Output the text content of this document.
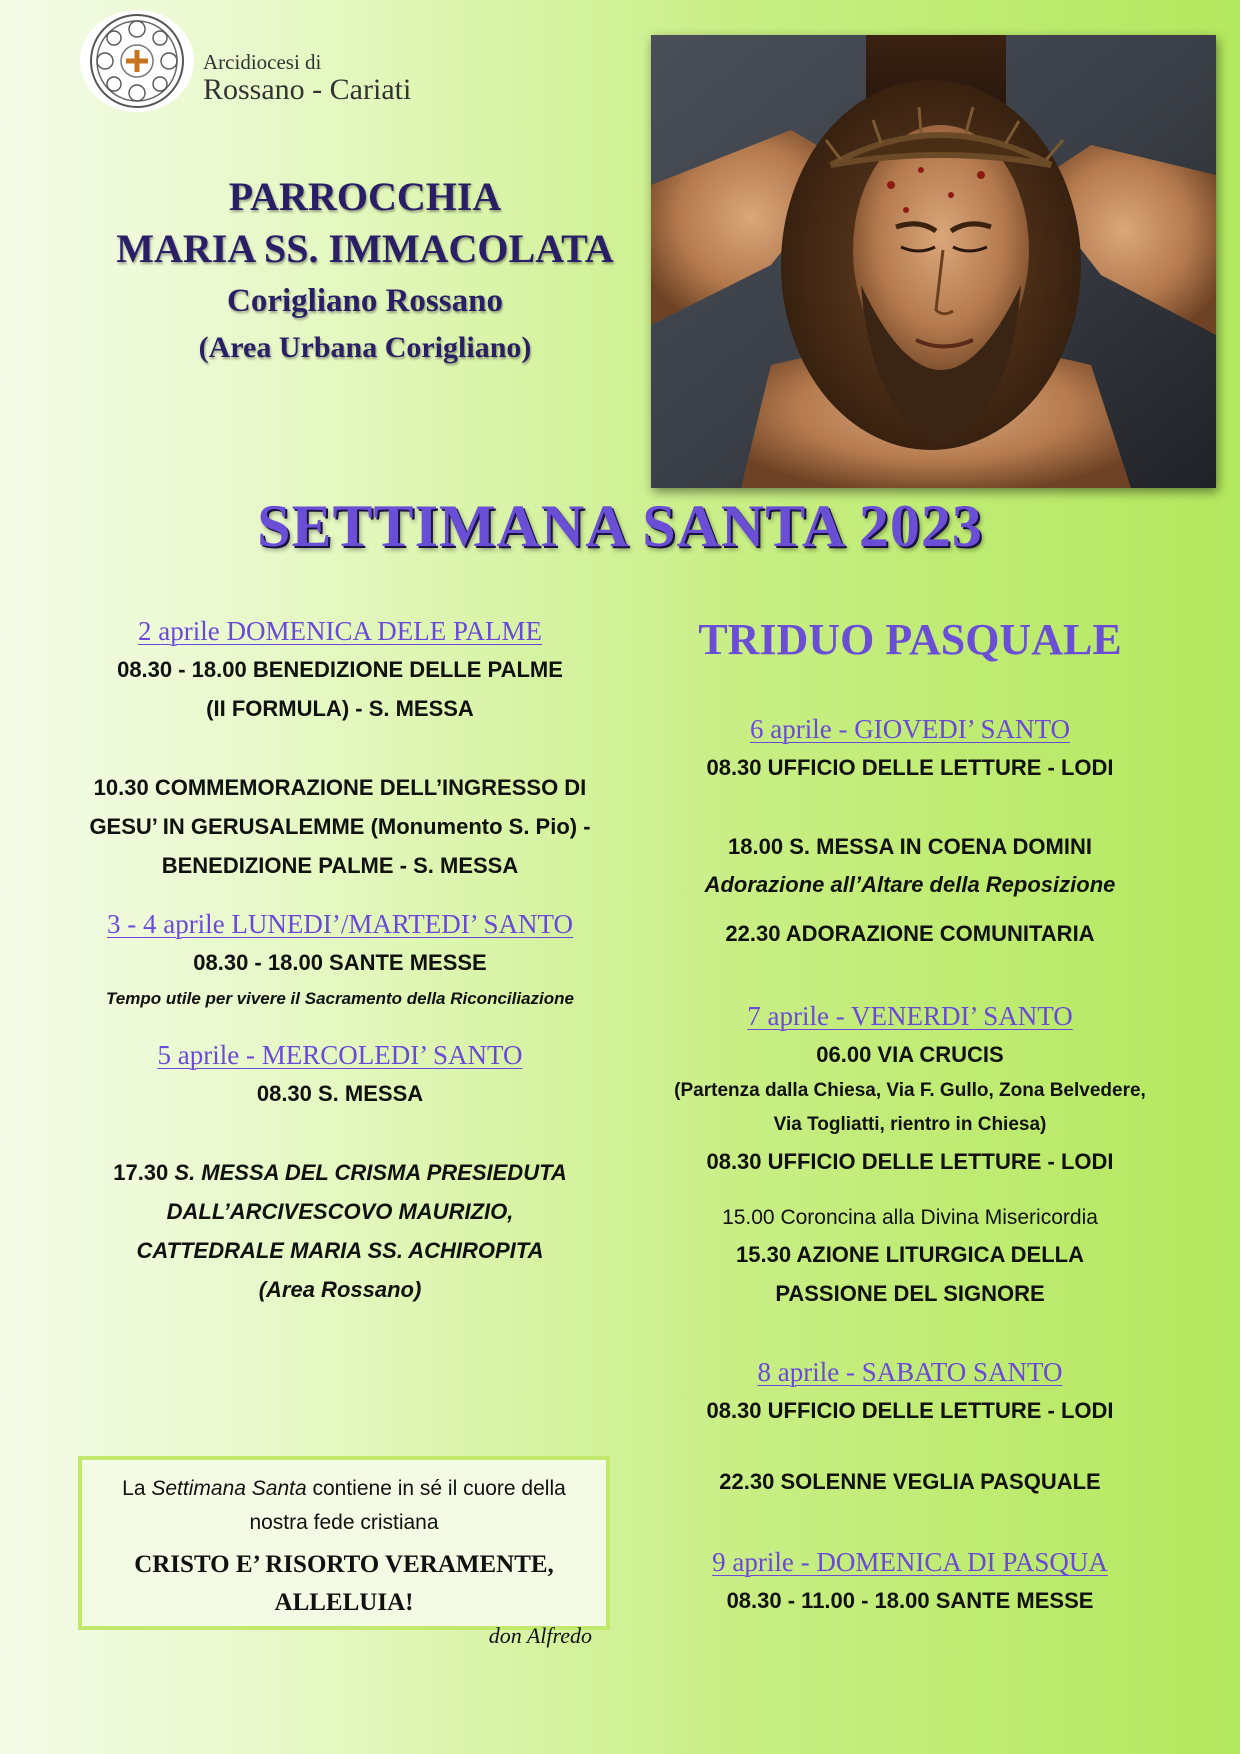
Arcidiocesi di
Rossano - Cariati
PARROCCHIA
MARIA SS. IMMACOLATA
Corigliano Rossano
(Area Urbana Corigliano)
SETTIMANA SANTA 2023
2 aprile DOMENICA DELE PALME
08.30 - 18.00 BENEDIZIONE DELLE PALME
(II FORMULA) - S. MESSA
10.30 COMMEMORAZIONE DELL’INGRESSO DI
GESU’ IN GERUSALEMME (Monumento S. Pio) -
BENEDIZIONE PALME - S. MESSA
3 - 4 aprile LUNEDI’/MARTEDI’ SANTO
08.30 - 18.00 SANTE MESSE
Tempo utile per vivere il Sacramento della Riconciliazione
5 aprile - MERCOLEDI’ SANTO
08.30 S. MESSA
17.30 S. MESSA DEL CRISMA PRESIEDUTA
DALL’ARCIVESCOVO MAURIZIO,
CATTEDRALE MARIA SS. ACHIROPITA
(Area Rossano)
La Settimana Santa contiene in sé il cuore della
nostra fede cristiana
CRISTO E’ RISORTO VERAMENTE,
ALLELUIA!
don Alfredo
TRIDUO PASQUALE
6 aprile - GIOVEDI’ SANTO
08.30 UFFICIO DELLE LETTURE - LODI
18.00 S. MESSA IN COENA DOMINI
Adorazione all’Altare della Reposizione
22.30 ADORAZIONE COMUNITARIA
7 aprile - VENERDI’ SANTO
06.00 VIA CRUCIS
(Partenza dalla Chiesa, Via F. Gullo, Zona Belvedere,
Via Togliatti, rientro in Chiesa)
08.30 UFFICIO DELLE LETTURE - LODI
15.00 Coroncina alla Divina Misericordia
15.30 AZIONE LITURGICA DELLA
PASSIONE DEL SIGNORE
8 aprile - SABATO SANTO
08.30 UFFICIO DELLE LETTURE - LODI
22.30 SOLENNE VEGLIA PASQUALE
9 aprile - DOMENICA DI PASQUA
08.30 - 11.00 - 18.00 SANTE MESSE
